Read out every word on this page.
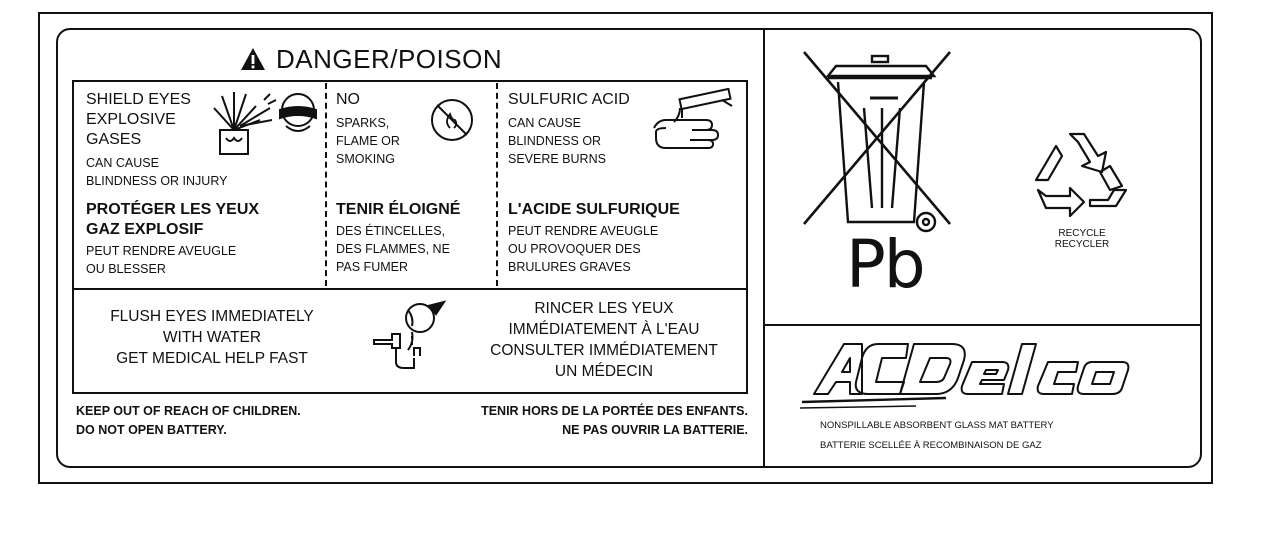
DANGER/POISON
SHIELD EYES
EXPLOSIVE
GASES
CAN CAUSE
BLINDNESS OR INJURY
PROTÉGER LES YEUX
GAZ EXPLOSIF
PEUT RENDRE AVEUGLE
OU BLESSER
NO
SPARKS,
FLAME OR
SMOKING
TENIR ÉLOIGNÉ
DES ÉTINCELLES,
DES FLAMMES, NE
PAS FUMER
SULFURIC ACID
CAN CAUSE
BLINDNESS OR
SEVERE BURNS
L'ACIDE SULFURIQUE
PEUT RENDRE AVEUGLE
OU PROVOQUER DES
BRULURES GRAVES
FLUSH EYES IMMEDIATELY
WITH WATER
GET MEDICAL HELP FAST
RINCER LES YEUX
IMMÉDIATEMENT À L'EAU
CONSULTER IMMÉDIATEMENT
UN MÉDECIN
KEEP OUT OF REACH OF CHILDREN.
DO NOT OPEN BATTERY.
TENIR HORS DE LA PORTÉE DES ENFANTS.
NE PAS OUVRIR LA BATTERIE.
Pb	RECYCLE
RECYCLER
NONSPILLABLE ABSORBENT GLASS MAT BATTERY
BATTERIE SCELLÉE À RECOMBINAISON DE GAZ
